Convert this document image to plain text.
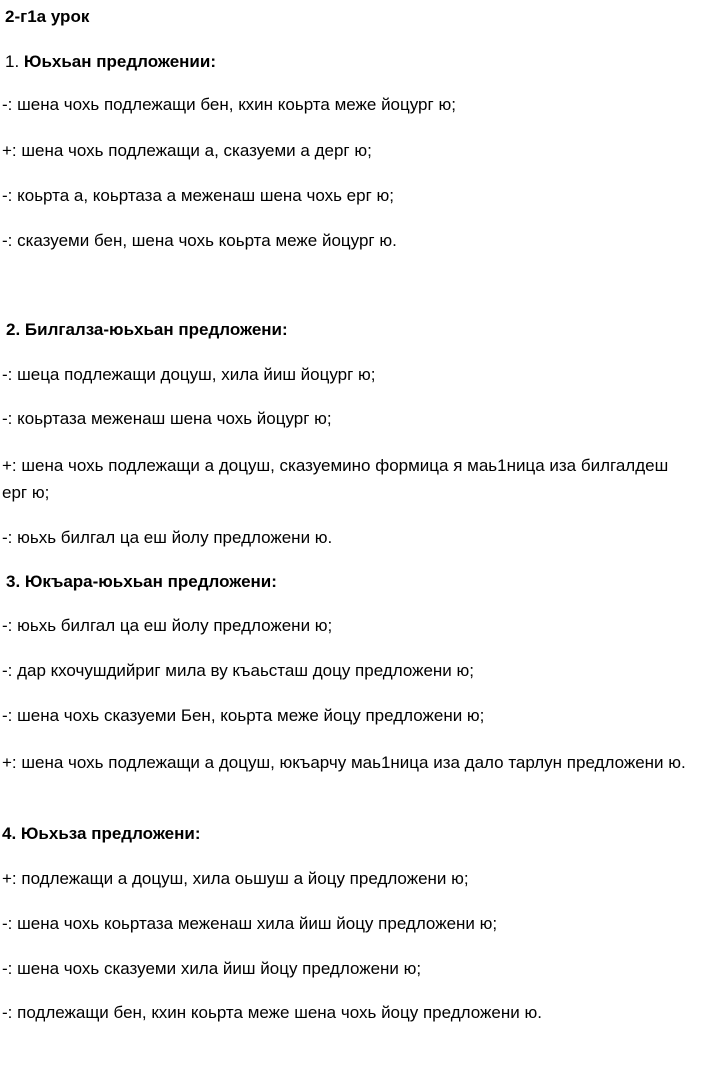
2-г1а урок
1. Юьхьан предложении:
-: шена чохь подлежащи бен, кхин коьрта меже йоцург ю;
+: шена чохь подлежащи а, сказуеми а дерг ю;
-: коьрта а, коьртаза а меженаш шена чохь ерг ю;
-: сказуеми бен, шена чохь коьрта меже йоцург ю.
2. Билгалза-юьхьан предложени:
-: шеца подлежащи доцуш, хила йиш йоцург ю;
-: коьртаза меженаш шена чохь йоцург ю;
+: шена чохь подлежащи а доцуш, сказуемино формица я маь1ница иза билгалдеш ерг ю;
-: юьхь билгал ца еш йолу предложени ю.
3. Юкъара-юьхьан предложени:
-: юьхь билгал ца еш йолу предложени ю;
-: дар кхочушдийриг мила ву къаьсташ доцу предложени ю;
-: шена чохь сказуеми Бен, коьрта меже йоцу предложени ю;
+: шена чохь подлежащи а доцуш, юкъарчу маь1ница иза дало тарлун предложени ю.
4. Юьхьза предложени:
+: подлежащи а доцуш, хила оьшуш а йоцу предложени ю;
-: шена чохь коьртаза меженаш хила йиш йоцу предложени ю;
-: шена чохь сказуеми хила йиш йоцу предложени ю;
-: подлежащи бен, кхин коьрта меже шена чохь йоцу предложени ю.
